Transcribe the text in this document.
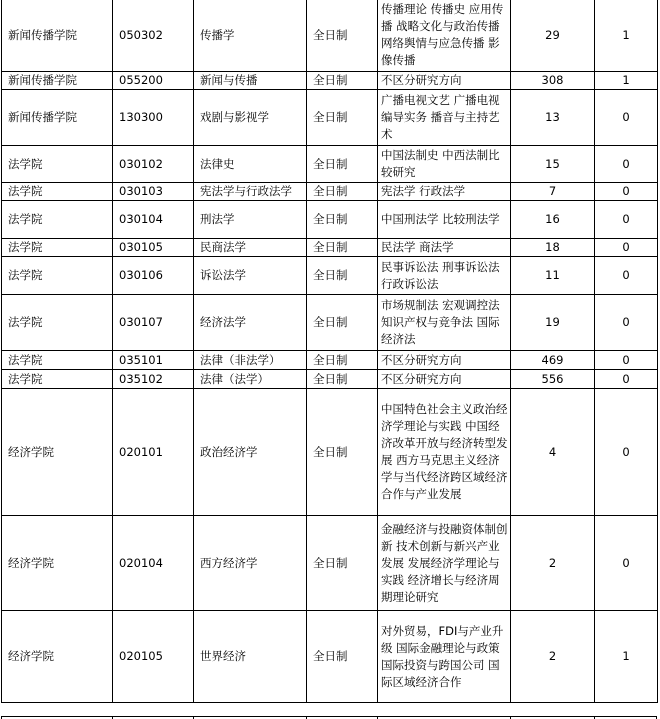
新闻传播学院	050302	传播学	全日制	传播理论 传播史 应用传播 战略文化与政治传播 网络舆情与应急传播 影像传播	29	1
新闻传播学院	055200	新闻与传播	全日制	不区分研究方向	308	1
新闻传播学院	130300	戏剧与影视学	全日制	广播电视文艺 广播电视编导实务 播音与主持艺术	13	0
法学院	030102	法律史	全日制	中国法制史 中西法制比较研究	15	0
法学院	030103	宪法学与行政法学	全日制	宪法学 行政法学	7	0
法学院	030104	刑法学	全日制	中国刑法学 比较刑法学	16	0
法学院	030105	民商法学	全日制	民法学 商法学	18	0
法学院	030106	诉讼法学	全日制	民事诉讼法 刑事诉讼法 行政诉讼法	11	0
法学院	030107	经济法学	全日制	市场规制法 宏观调控法 知识产权与竞争法 国际经济法	19	0
法学院	035101	法律（非法学）	全日制	不区分研究方向	469	0
法学院	035102	法律（法学）	全日制	不区分研究方向	556	0
经济学院	020101	政治经济学	全日制	中国特色社会主义政治经济学理论与实践 中国经济改革开放与经济转型发展 西方马克思主义经济学与当代经济跨区域经济合作与产业发展	4	0
经济学院	020104	西方经济学	全日制	金融经济与投融资体制创新 技术创新与新兴产业发展 发展经济学理论与实践 经济增长与经济周期理论研究	2	0
经济学院	020105	世界经济	全日制	对外贸易，FDI与产业升级 国际金融理论与政策 国际投资与跨国公司 国际区域经济合作	2	1
